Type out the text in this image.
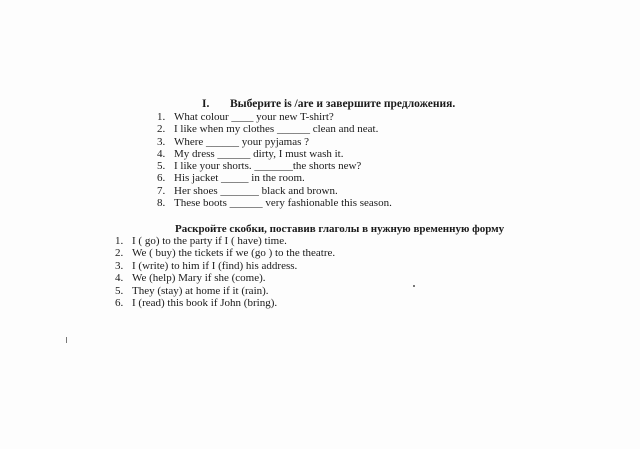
I. Выберите is /are и завершите предложения.
1. What colour ____ your new T-shirt?
2. I like when my clothes ______ clean and neat.
3. Where ______ your pyjamas ?
4. My dress ______ dirty, I must wash it.
5. I like your shorts. _______the shorts new?
6. His jacket _____ in the room.
7. Her shoes _______ black and brown.
8. These boots ______ very fashionable this season.
Раскройте скобки, поставив глаголы в нужную временную форму
1. I ( go) to the party if I ( have) time.
2. We ( buy) the tickets if we (go ) to the theatre.
3. I (write) to him if I (find) his address.
4. We (help) Mary if she (come).
5. They (stay) at home if it (rain).
6. I (read) this book if John (bring).
